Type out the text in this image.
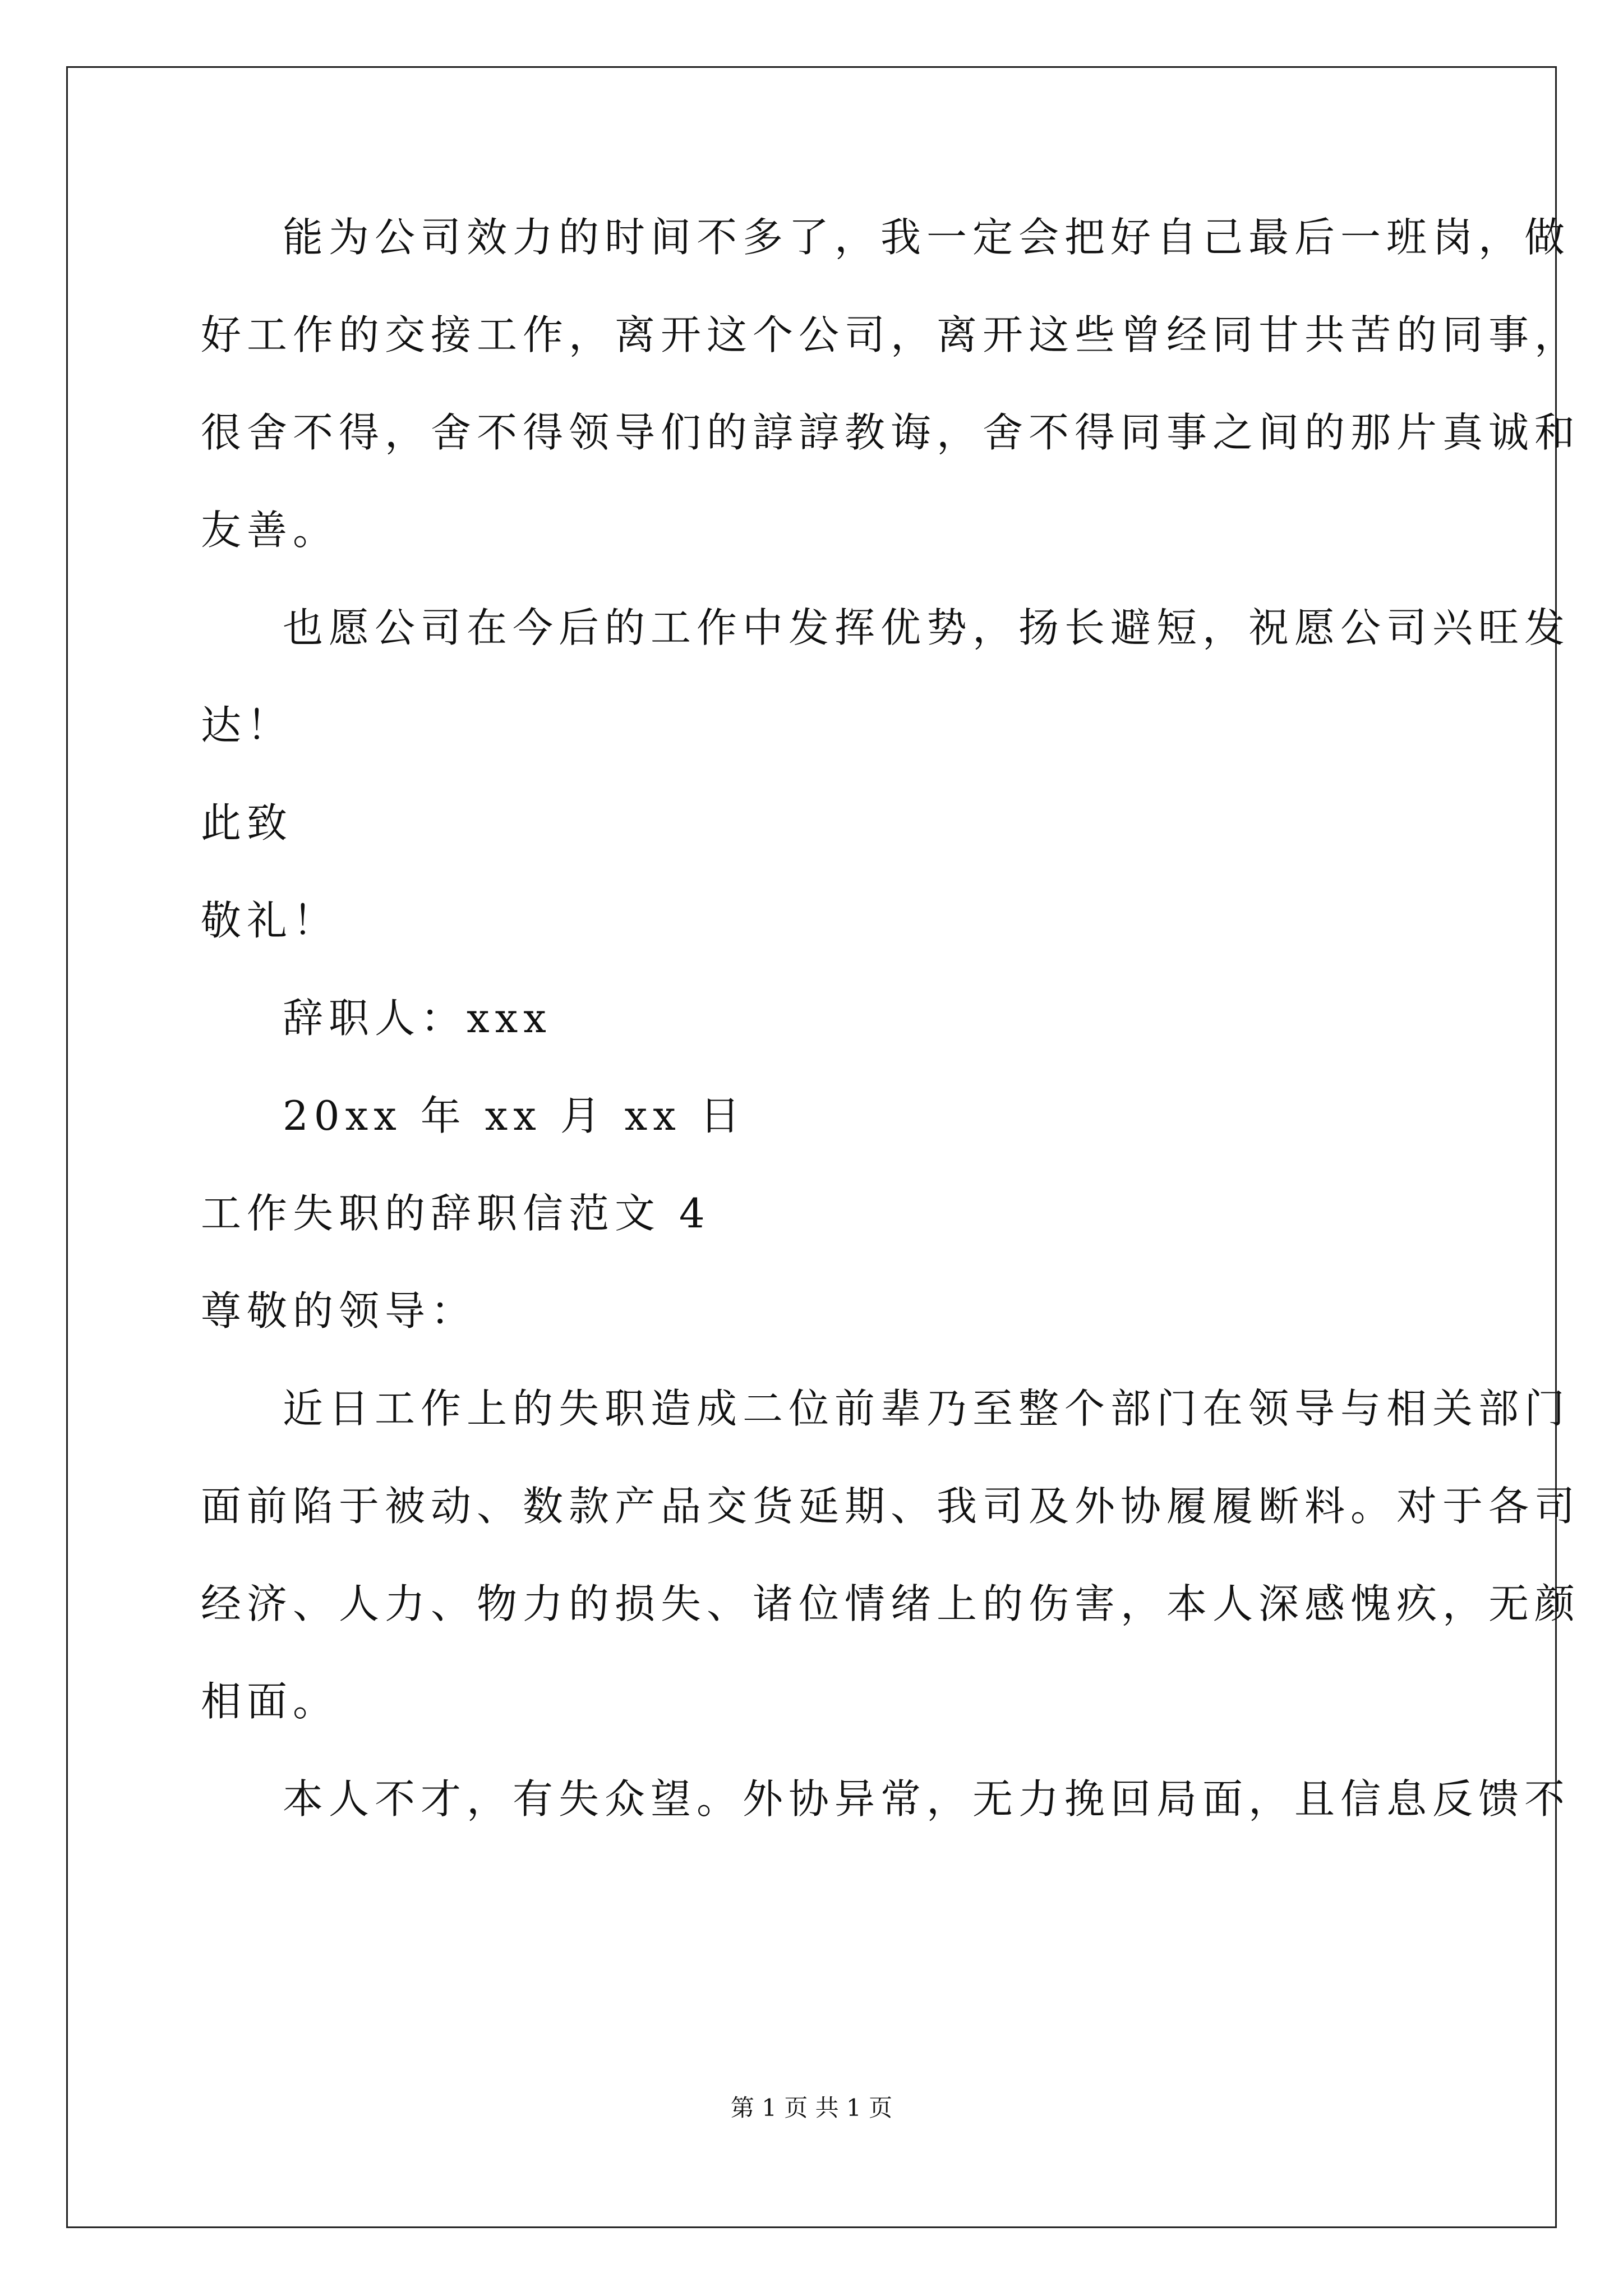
能为公司效力的时间不多了，我一定会把好自己最后一班岗，做
好工作的交接工作，离开这个公司，离开这些曾经同甘共苦的同事，
很舍不得，舍不得领导们的諄諄教诲，舍不得同事之间的那片真诚和
友善。
也愿公司在今后的工作中发挥优势，扬长避短，祝愿公司兴旺发
达！
此致
敬礼！
辞职人：xxx
20xx 年 xx 月 xx 日
工作失职的辞职信范文 4
尊敬的领导：
近日工作上的失职造成二位前辈乃至整个部门在领导与相关部门
面前陷于被动、数款产品交货延期、我司及外协履履断料。对于各司
经济、人力、物力的损失、诸位情绪上的伤害，本人深感愧疚，无颜
相面。
本人不才，有失众望。外协异常，无力挽回局面，且信息反馈不
第 1 页 共 1 页
